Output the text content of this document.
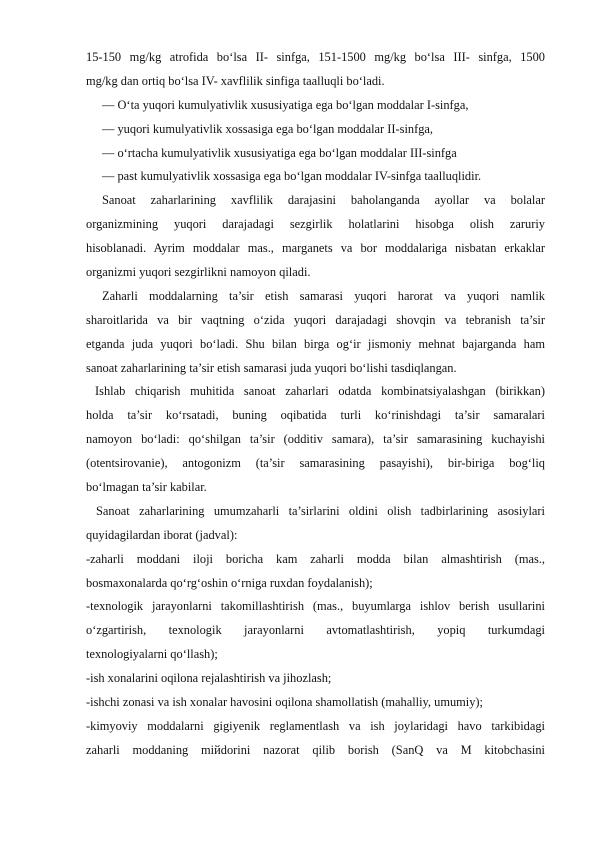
15-150 mg/kg atrofida bo‘lsa II- sinfga, 151-1500 mg/kg bo‘lsa III- sinfga, 1500
mg/kg dan ortiq bo‘lsa IV- xavflilik sinfiga taalluqli bo‘ladi.
— O‘ta yuqori kumulyativlik xususiyatiga ega bo‘lgan moddalar I-sinfga,
— yuqori kumulyativlik xossasiga ega bo‘lgan moddalar II-sinfga,
— o‘rtacha kumulyativlik xususiyatiga ega bo‘lgan moddalar III-sinfga
— past kumulyativlik xossasiga ega bo‘lgan moddalar IV-sinfga taalluqlidir.
Sanoat zaharlarining xavflilik darajasini baholanganda ayollar va bolalar
organizmining yuqori darajadagi sezgirlik holatlarini hisobga olish zaruriy
hisoblanadi. Ayrim moddalar mas., marganets va bor moddalariga nisbatan erkaklar
organizmi yuqori sezgirlikni namoyon qiladi.
Zaharli moddalarning ta’sir etish samarasi yuqori harorat va yuqori namlik
sharoitlarida va bir vaqtning o‘zida yuqori darajadagi shovqin va tebranish ta’sir
etganda juda yuqori bo‘ladi. Shu bilan birga og‘ir jismoniy mehnat bajarganda ham
sanoat zaharlarining ta’sir etish samarasi juda yuqori bo‘lishi tasdiqlangan.
Ishlab chiqarish muhitida sanoat zaharlari odatda kombinatsiyalashgan (birikkan)
holda ta’sir ko‘rsatadi, buning oqibatida turli ko‘rinishdagi ta’sir samaralari
namoyon bo‘ladi: qo‘shilgan ta’sir (odditiv samara), ta’sir samarasining kuchayishi
(otentsirovanie), antogonizm (ta’sir samarasining pasayishi), bir-biriga bog‘liq
bo‘lmagan ta’sir kabilar.
Sanoat zaharlarining umumzaharli ta’sirlarini oldini olish tadbirlarining asosiylari
quyidagilardan iborat (jadval):
-zaharli moddani iloji boricha kam zaharli modda bilan almashtirish (mas.,
bosmaxonalarda qo‘rg‘oshin o‘rniga ruxdan foydalanish);
-texnologik jarayonlarni takomillashtirish (mas., buyumlarga ishlov berish usullarini
o‘zgartirish, texnologik jarayonlarni avtomatlashtirish, yopiq turkumdagi
texnologiyalarni qo‘llash);
-ish xonalarini oqilona rejalashtirish va jihozlash;
-ishchi zonasi va ish xonalar havosini oqilona shamollatish (mahalliy, umumiy);
-kimyoviy moddalarni gigiyenik reglamentlash va ish joylaridagi havo tarkibidagi
zaharli moddaning miйdorini nazorat qilib borish (SanQ va M kitobchasini
